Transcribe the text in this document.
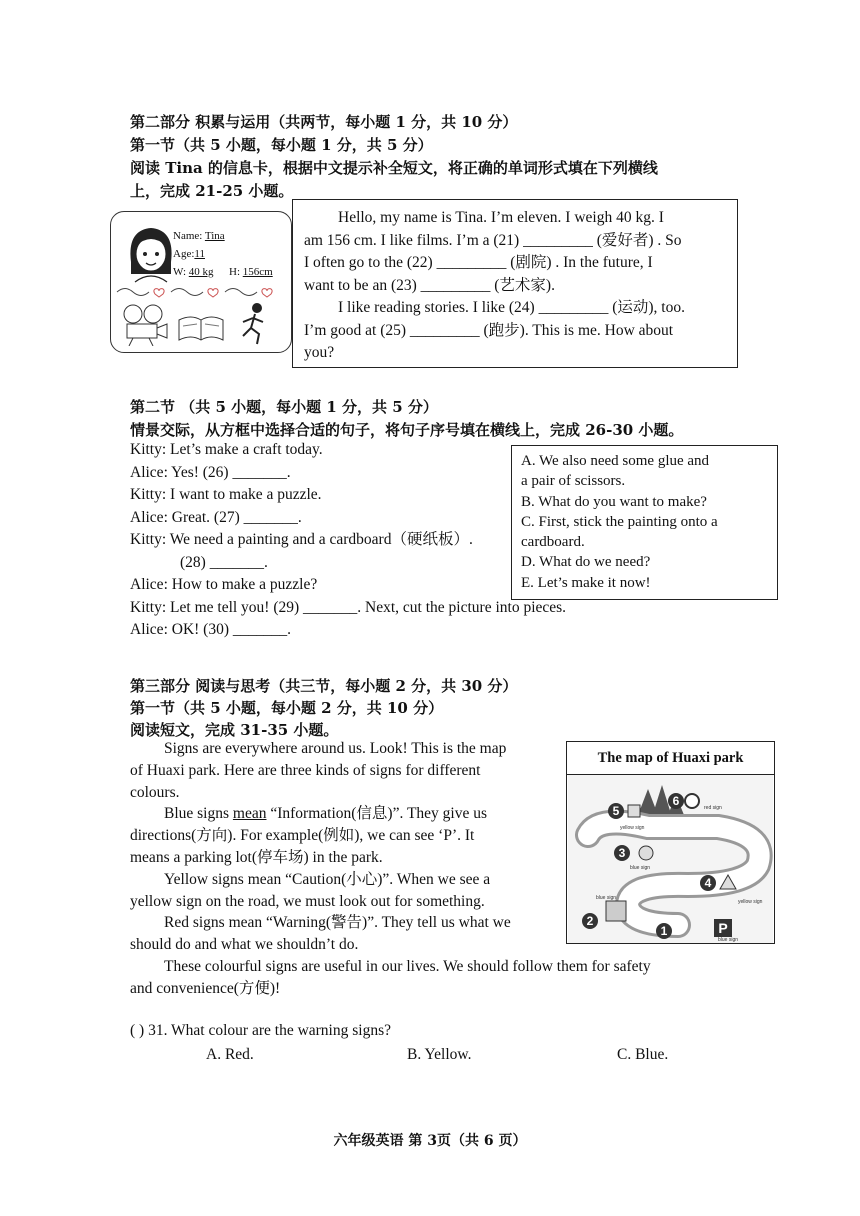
第二部分 积累与运用（共两节，每小题 1 分，共 10 分）
第一节（共 5 小题，每小题 1 分，共 5 分）
阅读 Tina 的信息卡，根据中文提示补全短文，将正确的单词形式填在下列横线
上，完成 21-25 小题。
Name: Tina
Age:11
W: 40 kg H: 156cm
Hello, my name is Tina. I’m eleven. I weigh 40 kg. I
am 156 cm. I like films. I’m a (21) _________ (爱好者) . So
I often go to the (22) _________ (剧院) . In the future, I
want to be an (23) _________ (艺术家).
I like reading stories. I like (24) _________ (运动), too.
I’m good at (25) _________ (跑步). This is me. How about
you?
第二节 （共 5 小题，每小题 1 分，共 5 分）
情景交际，从方框中选择合适的句子，将句子序号填在横线上，完成 26-30 小题。
Kitty: Let’s make a craft today.
Alice: Yes! (26) _______.
Kitty: I want to make a puzzle.
Alice: Great. (27) _______.
Kitty: We need a painting and a cardboard（硬纸板）.
(28) _______.
Alice: How to make a puzzle?
Kitty: Let me tell you! (29) _______. Next, cut the picture into pieces.
Alice: OK! (30) _______.
A. We also need some glue and
a pair of scissors.
B. What do you want to make?
C. First, stick the painting onto a
cardboard.
D. What do we need?
E. Let’s make it now!
第三部分 阅读与思考（共三节，每小题 2 分，共 30 分）
第一节（共 5 小题，每小题 2 分，共 10 分）
阅读短文，完成 31-35 小题。
Signs are everywhere around us. Look! This is the map
of Huaxi park. Here are three kinds of signs for different
colours.
Blue signs mean “Information(信息)”. They give us
directions(方向). For example(例如), we can see ‘P’. It
means a parking lot(停车场) in the park.
Yellow signs mean “Caution(小心)”. When we see a
yellow sign on the road, we must look out for something.
Red signs mean “Warning(警告)”. They tell us what we
should do and what we shouldn’t do.
These colourful signs are useful in our lives. We should follow them for safety
and convenience(方便)!
The map of Huaxi park
5
6
3
4
2
1	P
red sign
yellow sign
blue sign
yellow sign
blue sign
blue sign
( ) 31. What colour are the warning signs?
A. Red.	B. Yellow.	C. Blue.
六年级英语 第 3页（共 6 页）
